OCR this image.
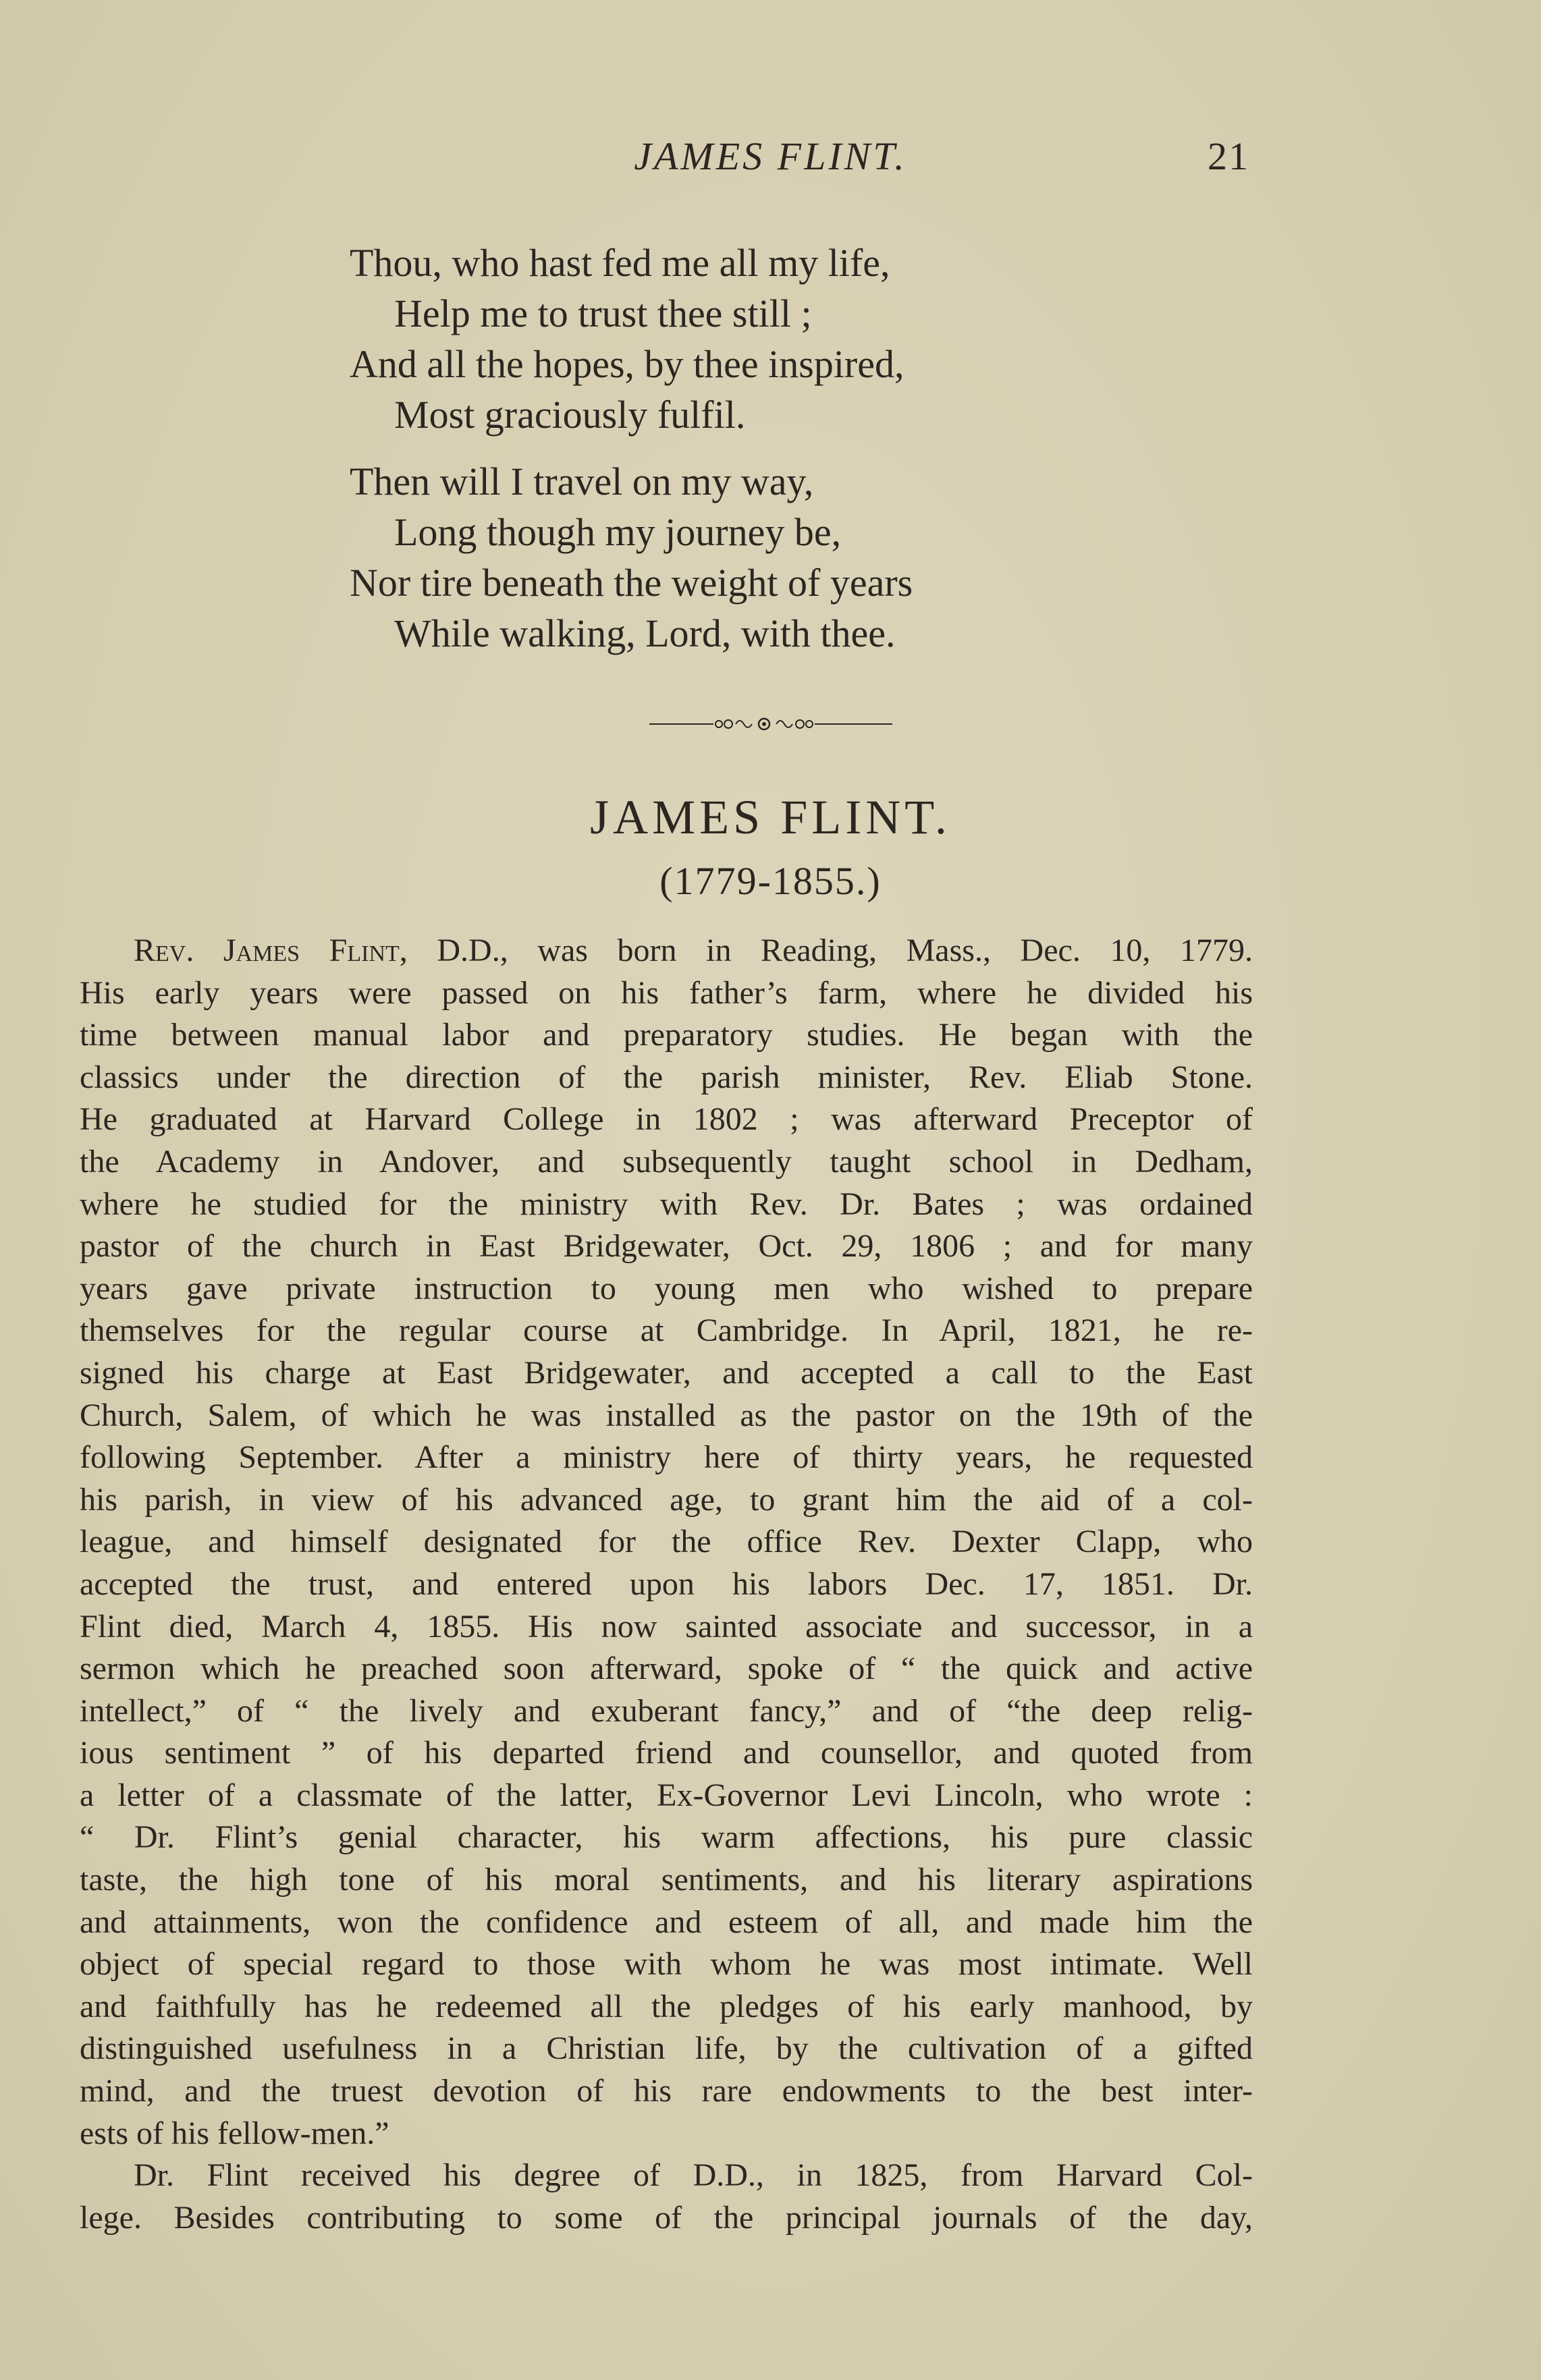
JAMES FLINT.	21
Thou, who hast fed me all my life,
Help me to trust thee still ;
And all the hopes, by thee inspired,
Most graciously fulfil.
Then will I travel on my way,
Long though my journey be,
Nor tire beneath the weight of years
While walking, Lord, with thee.
JAMES FLINT.
(1779-1855.)
Rev. James Flint, D.D., was born in Reading, Mass., Dec. 10, 1779.
His early years were passed on his father’s farm, where he divided his
time between manual labor and preparatory studies. He began with the
classics under the direction of the parish minister, Rev. Eliab Stone.
He graduated at Harvard College in 1802 ; was afterward Preceptor of
the Academy in Andover, and subsequently taught school in Dedham,
where he studied for the ministry with Rev. Dr. Bates ; was ordained
pastor of the church in East Bridgewater, Oct. 29, 1806 ; and for many
years gave private instruction to young men who wished to prepare
themselves for the regular course at Cambridge. In April, 1821, he re-
signed his charge at East Bridgewater, and accepted a call to the East
Church, Salem, of which he was installed as the pastor on the 19th of the
following September. After a ministry here of thirty years, he requested
his parish, in view of his advanced age, to grant him the aid of a col-
league, and himself designated for the office Rev. Dexter Clapp, who
accepted the trust, and entered upon his labors Dec. 17, 1851. Dr.
Flint died, March 4, 1855. His now sainted associate and successor, in a
sermon which he preached soon afterward, spoke of “ the quick and active
intellect,” of “ the lively and exuberant fancy,” and of “the deep relig-
ious sentiment ” of his departed friend and counsellor, and quoted from
a letter of a classmate of the latter, Ex-Governor Levi Lincoln, who wrote :
“ Dr. Flint’s genial character, his warm affections, his pure classic
taste, the high tone of his moral sentiments, and his literary aspirations
and attainments, won the confidence and esteem of all, and made him the
object of special regard to those with whom he was most intimate. Well
and faithfully has he redeemed all the pledges of his early manhood, by
distinguished usefulness in a Christian life, by the cultivation of a gifted
mind, and the truest devotion of his rare endowments to the best inter-
ests of his fellow-men.”
Dr. Flint received his degree of D.D., in 1825, from Harvard Col-
lege. Besides contributing to some of the principal journals of the day,
